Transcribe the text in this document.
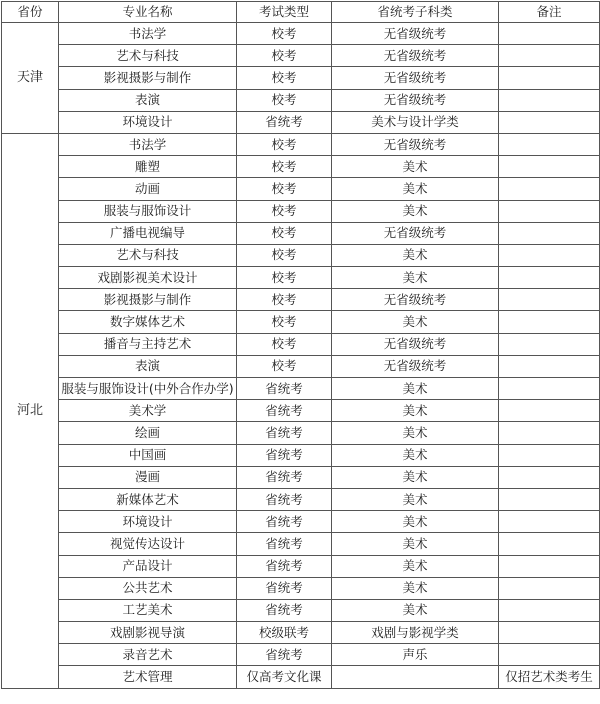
省份	专业名称	考试类型	省统考子科类	备注
天津	书法学	校考	无省级统考	
	艺术与科技	校考	无省级统考	
	影视摄影与制作	校考	无省级统考	
	表演	校考	无省级统考	
	环境设计	省统考	美术与设计学类	
河北	书法学	校考	无省级统考	
	雕塑	校考	美术	
	动画	校考	美术	
	服装与服饰设计	校考	美术	
	广播电视编导	校考	无省级统考	
	艺术与科技	校考	美术	
	戏剧影视美术设计	校考	美术	
	影视摄影与制作	校考	无省级统考	
	数字媒体艺术	校考	美术	
	播音与主持艺术	校考	无省级统考	
	表演	校考	无省级统考	
	服装与服饰设计(中外合作办学)	省统考	美术	
	美术学	省统考	美术	
	绘画	省统考	美术	
	中国画	省统考	美术	
	漫画	省统考	美术	
	新媒体艺术	省统考	美术	
	环境设计	省统考	美术	
	视觉传达设计	省统考	美术	
	产品设计	省统考	美术	
	公共艺术	省统考	美术	
	工艺美术	省统考	美术	
	戏剧影视导演	校级联考	戏剧与影视学类	
	录音艺术	省统考	声乐	
	艺术管理	仅高考文化课		仅招艺术类考生
